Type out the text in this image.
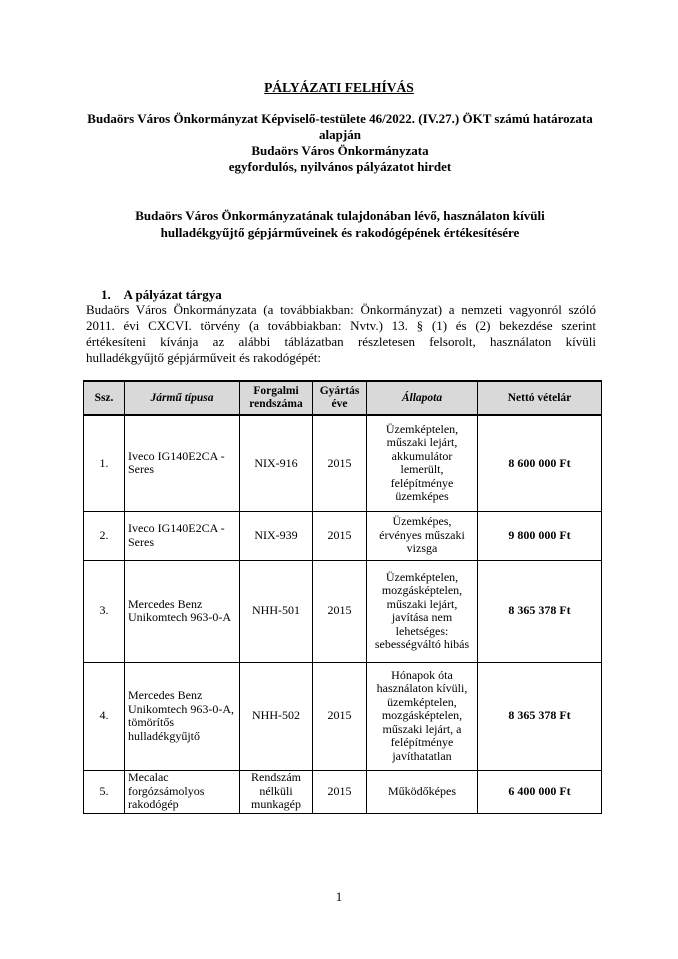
PÁLYÁZATI FELHÍVÁS
Budaörs Város Önkormányzat Képviselő-testülete 46/2022. (IV.27.) ÖKT számú határozata
alapján
Budaörs Város Önkormányzata
egyfordulós, nyilvános pályázatot hirdet
Budaörs Város Önkormányzatának tulajdonában lévő, használaton kívüli
hulladékgyűjtő gépjárműveinek és rakodógépének értékesítésére
1. A pályázat tárgya
Budaörs Város Önkormányzata (a továbbiakban: Önkormányzat) a nemzeti vagyonról szóló
2011. évi CXCVI. törvény (a továbbiakban: Nvtv.) 13. § (1) és (2) bekezdése szerint
értékesíteni kívánja az alábbi táblázatban részletesen felsorolt, használaton kívüli
hulladékgyűjtő gépjárműveit és rakodógépét:
Ssz.	Jármű típusa	Forgalmi rendszáma	Gyártás éve	Állapota	Nettó vételár
1.	Iveco IG140E2CA - Seres	NIX-916	2015	Üzemképtelen, műszaki lejárt, akkumulátor lemerült, felépítménye üzemképes	8 600 000 Ft
2.	Iveco IG140E2CA - Seres	NIX-939	2015	Üzemképes, érvényes műszaki vizsga	9 800 000 Ft
3.	Mercedes Benz Unikomtech 963-0-A	NHH-501	2015	Üzemképtelen, mozgásképtelen, műszaki lejárt, javítása nem lehetséges: sebességváltó hibás	8 365 378 Ft
4.	Mercedes Benz Unikomtech 963-0-A, tömörítős hulladékgyűjtő	NHH-502	2015	Hónapok óta használaton kívüli, üzemképtelen, mozgásképtelen, műszaki lejárt, a felépítménye javíthatatlan	8 365 378 Ft
5.	Mecalac forgózsámolyos rakodógép	Rendszám nélküli munkagép	2015	Működőképes	6 400 000 Ft
1
